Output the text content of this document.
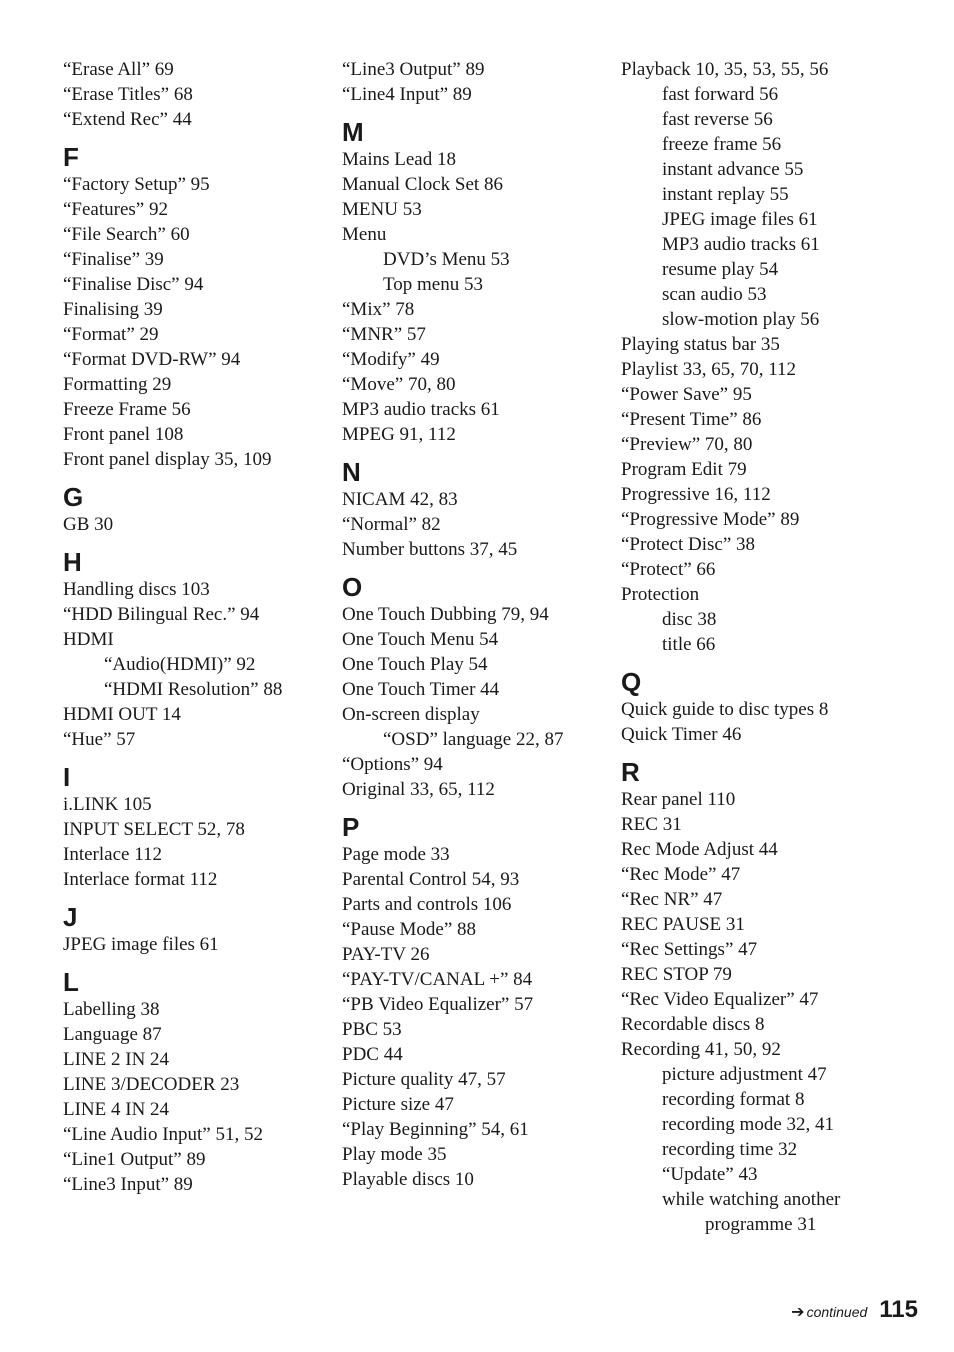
“Erase All” 69
“Erase Titles” 68
“Extend Rec” 44
F
“Factory Setup” 95
“Features” 92
“File Search” 60
“Finalise” 39
“Finalise Disc” 94
Finalising 39
“Format” 29
“Format DVD-RW” 94
Formatting 29
Freeze Frame 56
Front panel 108
Front panel display 35, 109
G
GB 30
H
Handling discs 103
“HDD Bilingual Rec.” 94
HDMI
“Audio(HDMI)” 92
“HDMI Resolution” 88
HDMI OUT 14
“Hue” 57
I
i.LINK 105
INPUT SELECT 52, 78
Interlace 112
Interlace format 112
J
JPEG image files 61
L
Labelling 38
Language 87
LINE 2 IN 24
LINE 3/DECODER 23
LINE 4 IN 24
“Line Audio Input” 51, 52
“Line1 Output” 89
“Line3 Input” 89
“Line3 Output” 89
“Line4 Input” 89
M
Mains Lead 18
Manual Clock Set 86
MENU 53
Menu
DVD’s Menu 53
Top menu 53
“Mix” 78
“MNR” 57
“Modify” 49
“Move” 70, 80
MP3 audio tracks 61
MPEG 91, 112
N
NICAM 42, 83
“Normal” 82
Number buttons 37, 45
O
One Touch Dubbing 79, 94
One Touch Menu 54
One Touch Play 54
One Touch Timer 44
On-screen display
“OSD” language 22, 87
“Options” 94
Original 33, 65, 112
P
Page mode 33
Parental Control 54, 93
Parts and controls 106
“Pause Mode” 88
PAY-TV 26
“PAY-TV/CANAL +” 84
“PB Video Equalizer” 57
PBC 53
PDC 44
Picture quality 47, 57
Picture size 47
“Play Beginning” 54, 61
Play mode 35
Playable discs 10
Playback 10, 35, 53, 55, 56
fast forward 56
fast reverse 56
freeze frame 56
instant advance 55
instant replay 55
JPEG image files 61
MP3 audio tracks 61
resume play 54
scan audio 53
slow-motion play 56
Playing status bar 35
Playlist 33, 65, 70, 112
“Power Save” 95
“Present Time” 86
“Preview” 70, 80
Program Edit 79
Progressive 16, 112
“Progressive Mode” 89
“Protect Disc” 38
“Protect” 66
Protection
disc 38
title 66
Q
Quick guide to disc types 8
Quick Timer 46
R
Rear panel 110
REC 31
Rec Mode Adjust 44
“Rec Mode” 47
“Rec NR” 47
REC PAUSE 31
“Rec Settings” 47
REC STOP 79
“Rec Video Equalizer” 47
Recordable discs 8
Recording 41, 50, 92
picture adjustment 47
recording format 8
recording mode 32, 41
recording time 32
“Update” 43
while watching another
programme 31
➔ continued 115
